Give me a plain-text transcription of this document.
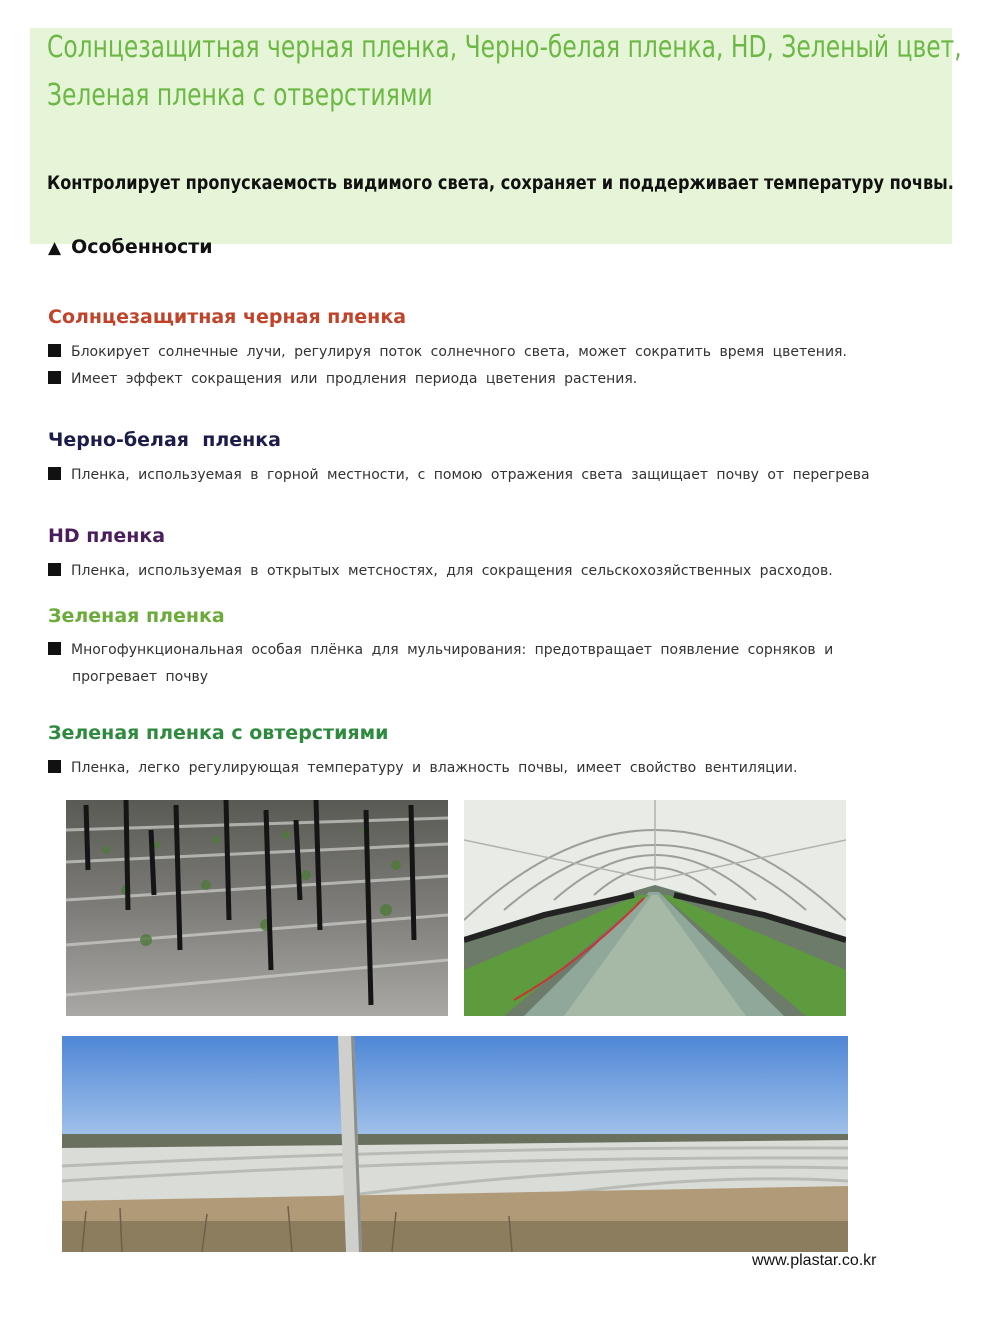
Солнцезащитная черная пленка, Черно-белая пленка, HD, Зеленый цвет,
Зеленая пленка с отверстиями

Контролирует пропускаемость видимого света, сохраняет и поддерживает температуру почвы.

▲ Особенности

Солнцезащитная черная пленка

Блокирует солнечные лучи, регулируя поток солнечного света, может сократить время цветения.

Имеет эффект сокращения или продления периода цветения растения.

Черно-белая  пленка

Пленка, используемая в горной местности, с помою отражения света защищает почву от перегрева

HD пленка

Пленка, используемая в открытых метсностях, для сокращения сельскохозяйственных расходов.

Зеленая пленка

Многофункциональная особая плёнка для мульчирования: предотвращает появление сорняков и
прогревает почву

Зеленая пленка с овтерстиями

Пленка, легко регулирующая температуру и влажность почвы, имеет свойство вентиляции.

www.plastar.co.kr
